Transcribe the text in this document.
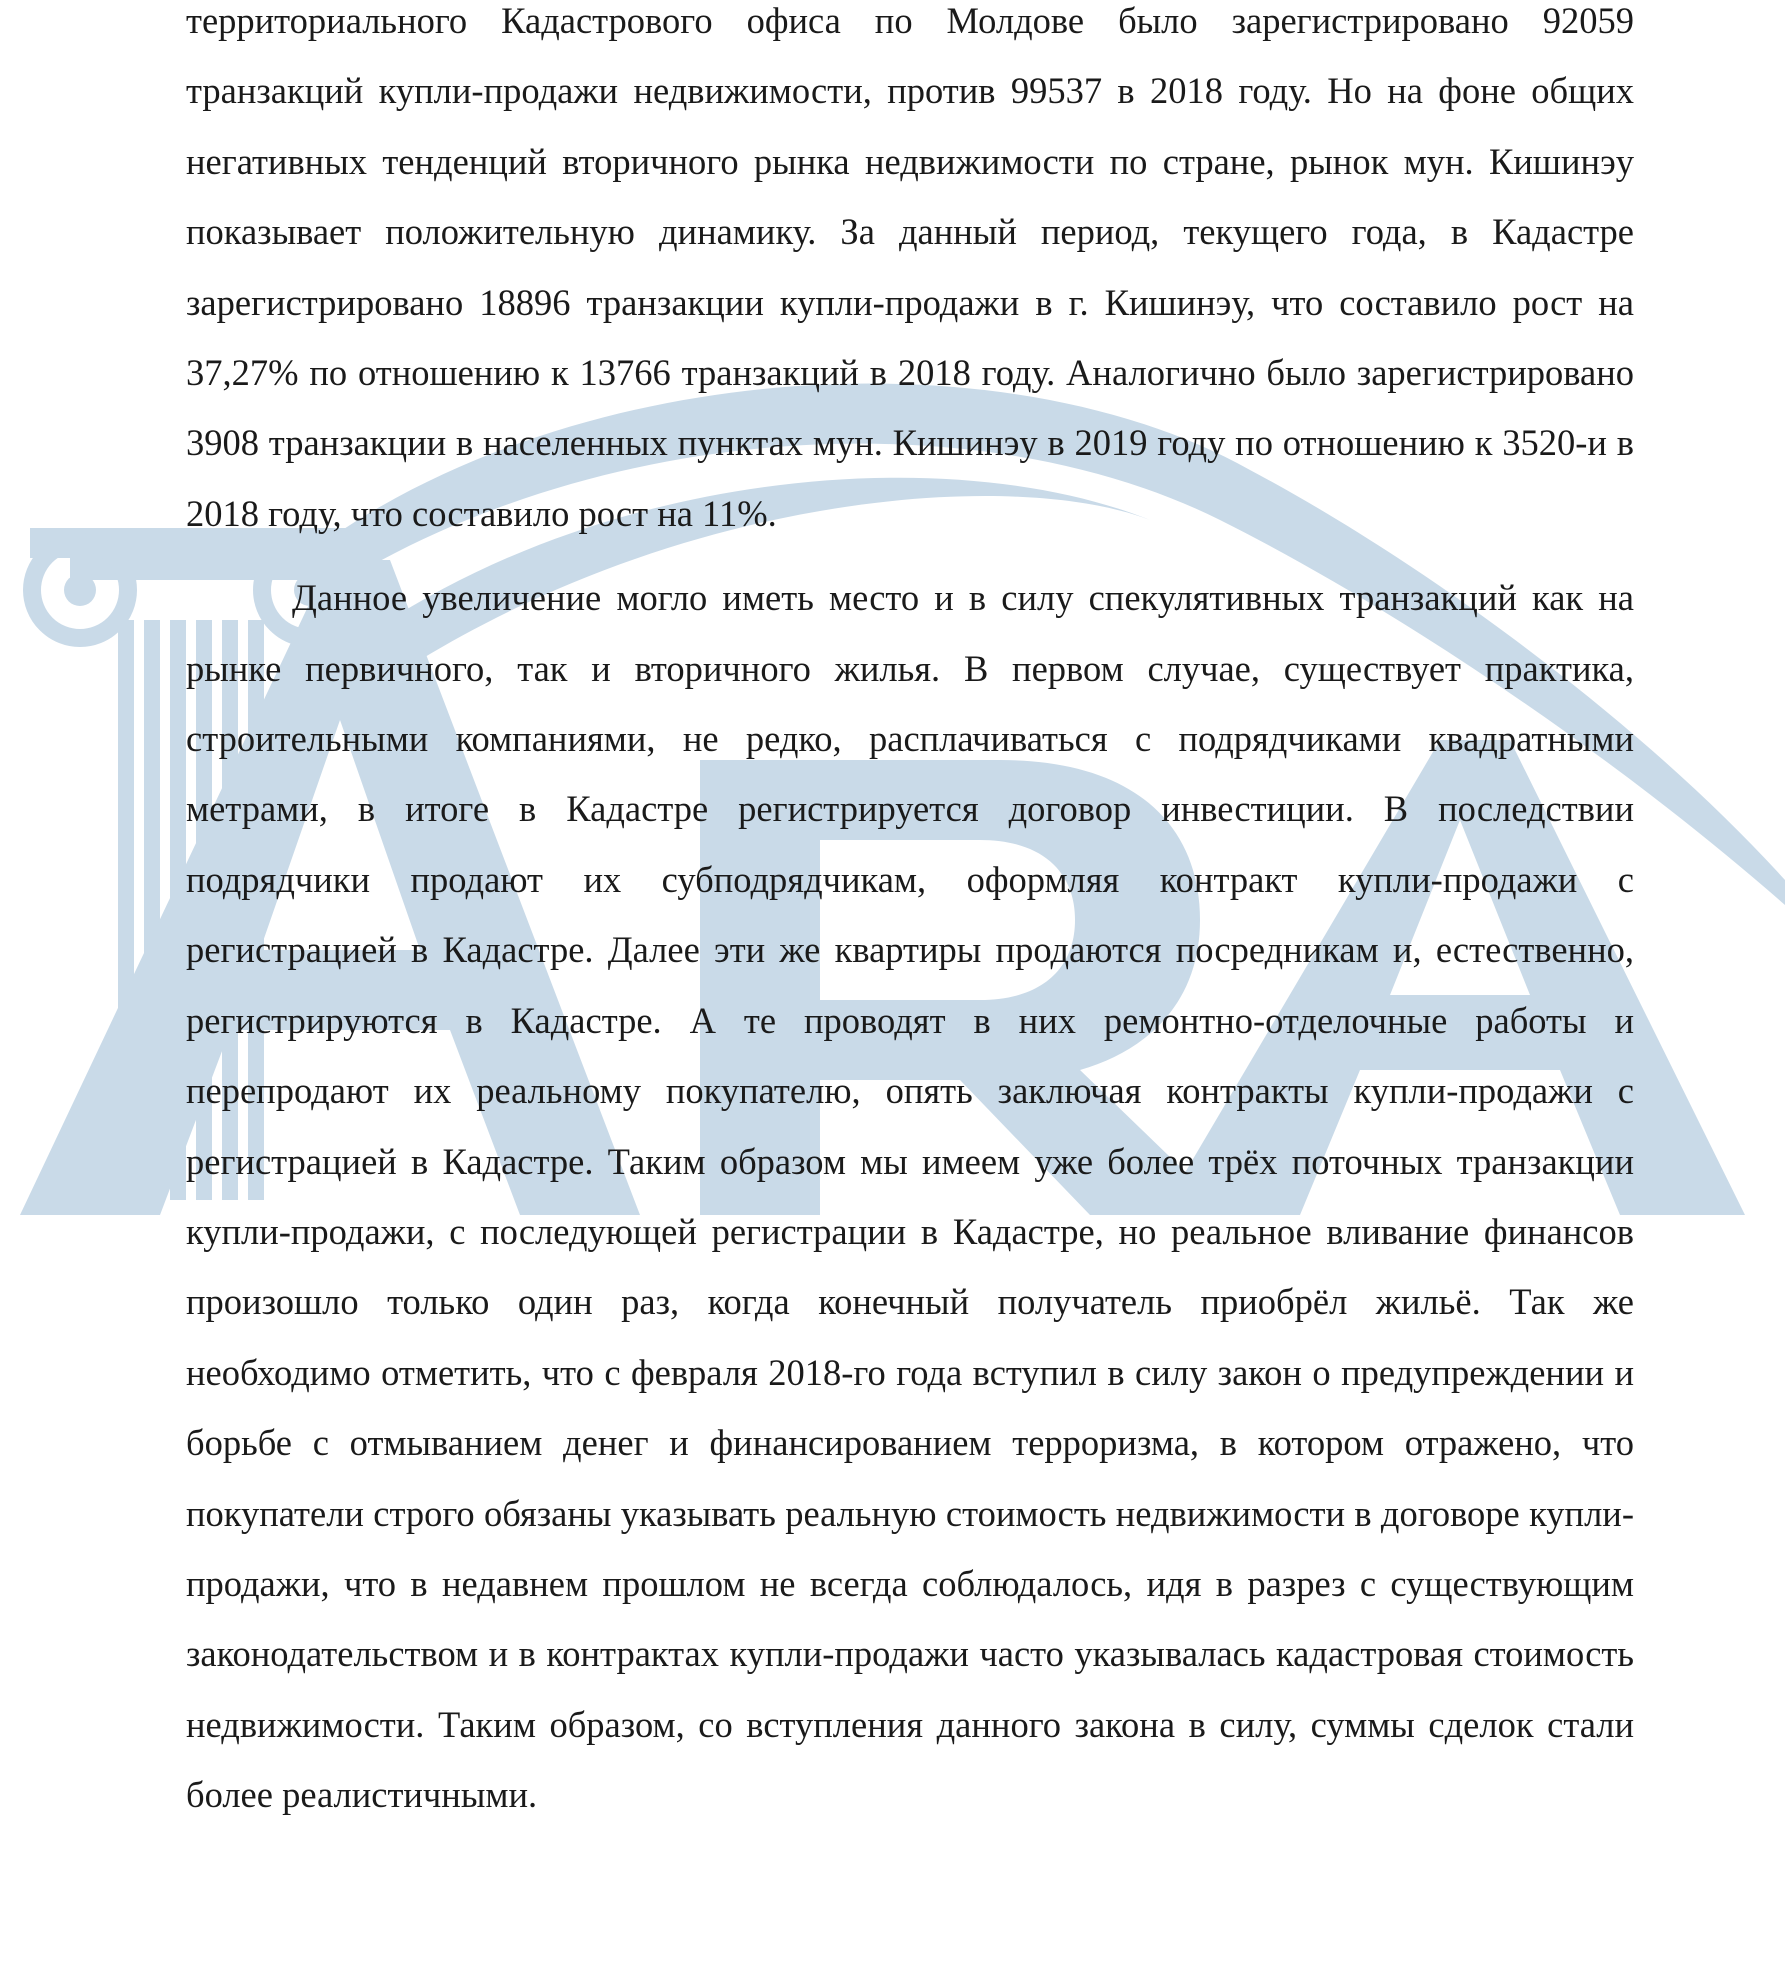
территориального Кадастрового офиса по Молдове было зарегистрировано 92059 транзакций купли-продажи недвижимости, против 99537 в 2018 году. Но на фоне общих негативных тенденций вторичного рынка недвижимости по стране, рынок мун. Кишинэу показывает положительную динамику. За данный период, текущего года, в Кадастре зарегистрировано 18896 транзакции купли-продажи в г. Кишинэу, что составило рост на 37,27% по отношению к 13766 транзакций в 2018 году. Аналогично было зарегистрировано 3908 транзакции в населенных пунктах мун. Кишинэу в 2019 году по отношению к 3520-и в 2018 году, что составило рост на 11%.

Данное увеличение могло иметь место и в силу спекулятивных транзакций как на рынке первичного, так и вторичного жилья. В первом случае, существует практика, строительными компаниями, не редко, расплачиваться с подрядчиками квадратными метрами, в итоге в Кадастре регистрируется договор инвестиции. В последствии подрядчики продают их субподрядчикам, оформляя контракт купли-продажи с регистрацией в Кадастре. Далее эти же квартиры продаются посредникам и, естественно, регистрируются в Кадастре. А те проводят в них ремонтно-отделочные работы и перепродают их реальному покупателю, опять заключая контракты купли-продажи с регистрацией в Кадастре. Таким образом мы имеем уже более трёх поточных транзакции купли-продажи, с последующей регистрации в Кадастре, но реальное вливание финансов произошло только один раз, когда конечный получатель приобрёл жильё. Так же необходимо отметить, что с февраля 2018-го года вступил в силу закон о предупреждении и борьбе с отмыванием денег и финансированием терроризма, в котором отражено, что покупатели строго обязаны указывать реальную стоимость недвижимости в договоре купли-продажи, что в недавнем прошлом не всегда соблюдалось, идя в разрез с существующим законодательством и в контрактах купли-продажи часто указывалась кадастровая стоимость недвижимости. Таким образом, со вступления данного закона в силу, суммы сделок стали более реалистичными.
